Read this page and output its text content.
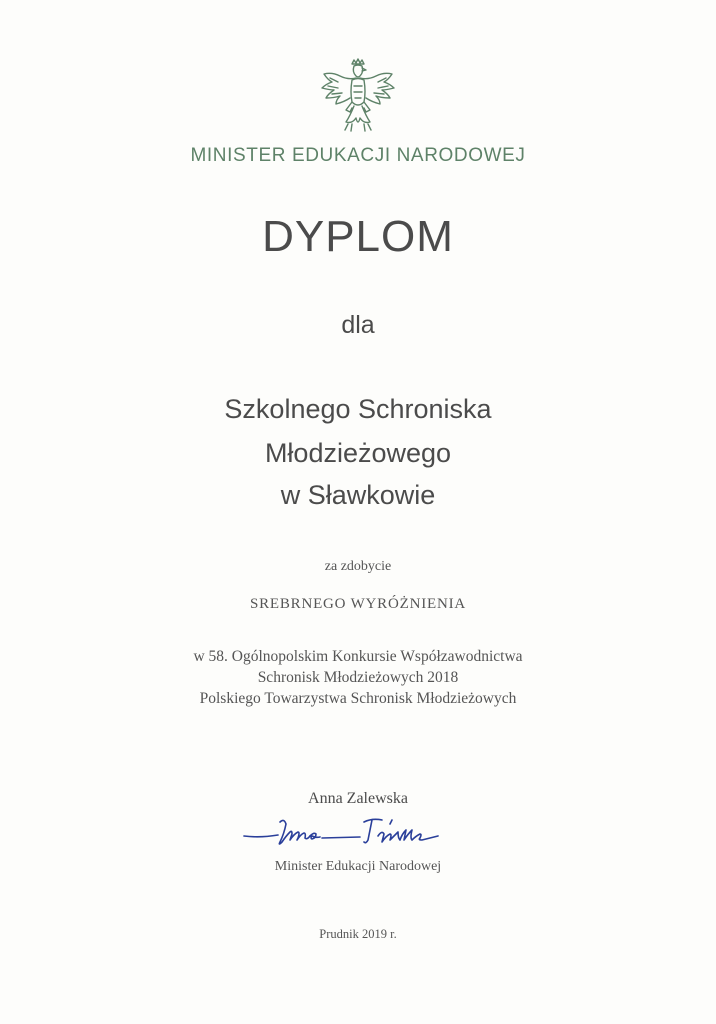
MINISTER EDUKACJI NARODOWEJ
DYPLOM
dla
Szkolnego Schroniska
Młodzieżowego
w Sławkowie
za zdobycie
SREBRNEGO WYRÓŻNIENIA
w 58. Ogólnopolskim Konkursie Współzawodnictwa
Schronisk Młodzieżowych 2018
Polskiego Towarzystwa Schronisk Młodzieżowych
Anna Zalewska
Minister Edukacji Narodowej
Prudnik 2019 r.
